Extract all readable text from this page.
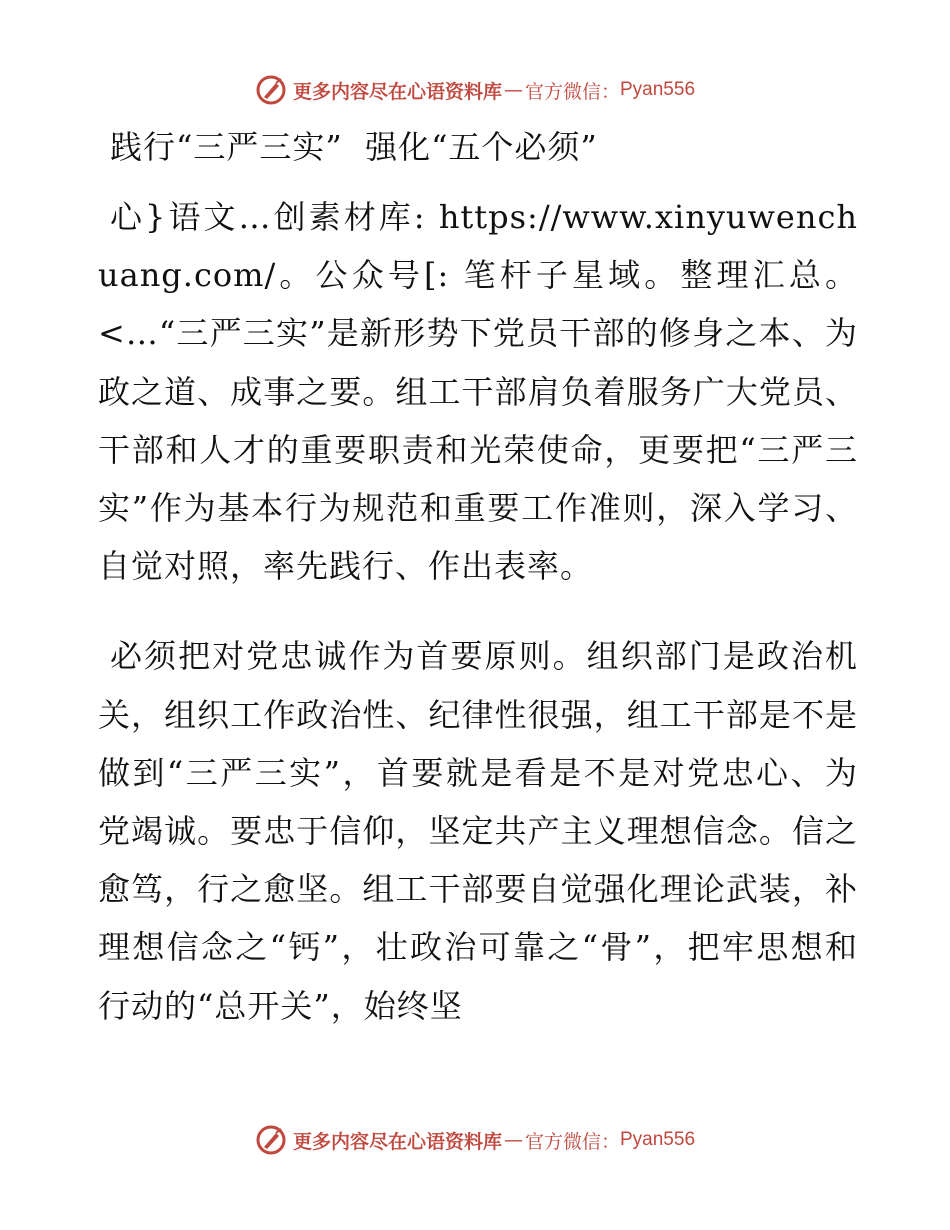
更多内容尽在心语资料库 — 官方微信： Pyan556
践行“三严三实”  强化“五个必须”

心}语文…创素材库: https://www.xinyuwenchuang.com/。公众号[: 笔杆子星域。整理汇总。<…“三严三实”是新形势下党员干部的修身之本、为政之道、成事之要。组工干部肩负着服务广大党员、干部和人才的重要职责和光荣使命，更要把“三严三实”作为基本行为规范和重要工作准则，深入学习、自觉对照，率先践行、作出表率。

必须把对党忠诚作为首要原则。组织部门是政治机关，组织工作政治性、纪律性很强，组工干部是不是做到“三严三实”，首要就是看是不是对党忠心、为党竭诚。要忠于信仰，坚定共产主义理想信念。信之愈笃，行之愈坚。组工干部要自觉强化理论武装，补理想信念之“钙”，壮政治可靠之“骨”，把牢思想和行动的“总开关”，始终坚

更多内容尽在心语资料库 — 官方微信： Pyan556
